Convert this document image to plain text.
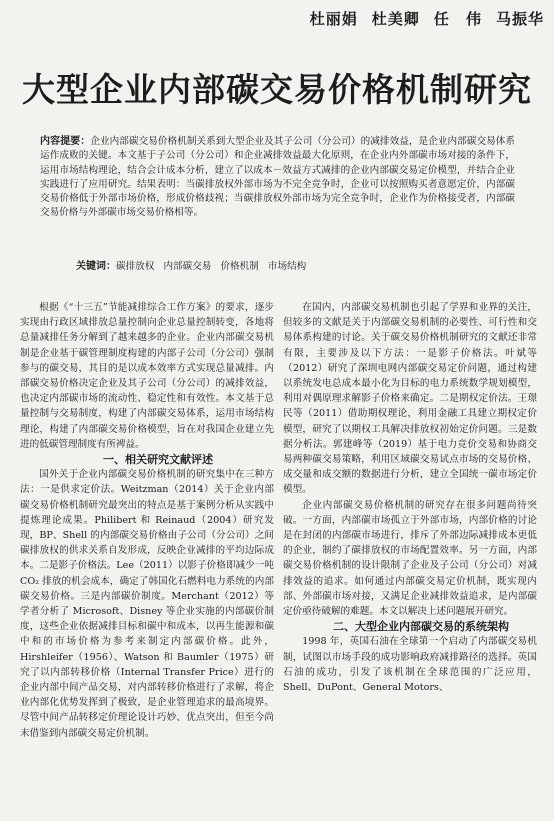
杜丽娟 杜美卿 任 伟 马振华
大型企业内部碳交易价格机制研究
内容提要：企业内部碳交易价格机制关系到大型企业及其子公司（分公司）的减排效益，是企业内部碳交易体系运作成败的关键。本文基于子公司（分公司）和企业减排效益最大化原则，在企业内外部碳市场对接的条件下，运用市场结构理论，结合会计成本分析，建立了以成本－效益方式减排的企业内部碳交易定价模型，并结合企业实践进行了应用研究。结果表明：当碳排放权外部市场为不完全竞争时，企业可以按照购买者意愿定价，内部碳交易价格低于外部市场价格，形成价格歧视；当碳排放权外部市场为完全竞争时，企业作为价格接受者，内部碳交易价格与外部碳市场交易价格相等。
关键词：碳排放权 内部碳交易 价格机制 市场结构

根据《“十三五”节能减排综合工作方案》的要求，逐步实现由行政区域排放总量控制向企业总量控制转变，各地将总量减排任务分解到了越来越多的企业。企业内部碳交易机制是企业基于碳管理制度构建的内部子公司（分公司）强制参与的碳交易，其目的是以成本效率方式实现总量减排。内部碳交易价格决定企业及其子公司（分公司）的减排效益，也决定内部碳市场的流动性、稳定性和有效性。本文基于总量控制与交易制度，构建了内部碳交易体系，运用市场结构理论，构建了内部碳交易价格模型，旨在对我国企业建立先进的低碳管理制度有所裨益。

一、相关研究文献评述

国外关于企业内部碳交易价格机制的研究集中在三种方法：一是供求定价法。Weitzman（2014）关于企业内部碳交易价格机制研究最突出的特点是基于案例分析从实践中提炼理论成果。Philibert 和 Reinaud（2004）研究发现，BP、Shell 的内部碳交易价格由子公司（分公司）之间碳排放权的供求关系自发形成，反映企业减排的平均边际成本。二是影子价格法。Lee（2011）以影子价格即减少一吨 CO₂ 排放的机会成本，确定了韩国化石燃料电力系统的内部碳交易价格。三是内部碳价制度。Merchant（2012）等学者分析了 Microsoft、Disney 等企业实施的内部碳价制度，这些企业依据减排目标和碳中和成本，以再生能源和碳中和的市场价格为参考来制定内部碳价格。此外，Hirshleifer（1956）、Watson 和 Baumler（1975）研究了以内部转移价格（Internal Transfer Price）进行的企业内部中间产品交易，对内部转移价格进行了求解，将企业内部化优势发挥到了极致，是企业管理追求的最高境界。尽管中间产品转移定价理论设计巧妙、优点突出，但至今尚未借鉴到内部碳交易定价机制。

在国内，内部碳交易机制也引起了学界和业界的关注，但较多的文献是关于内部碳交易机制的必要性、可行性和交易体系构建的讨论。关于碳交易价格机制研究的文献还非常有限，主要涉及以下方法：一是影子价格法。叶斌等（2012）研究了深圳电网内部碳交易定价问题，通过构建以系统发电总成本最小化为目标的电力系统数学规划模型，利用对偶原理求解影子价格来确定。二是期权定价法。王璟民等（2011）借助期权理论，利用金融工具建立期权定价模型，研究了以期权工具解决排放权初始定价问题。三是数据分析法。郭建峰等（2019）基于电力竞价交易和协商交易两种碳交易策略，利用区域碳交易试点市场的交易价格、成交量和成交额的数据进行分析，建立全国统一碳市场定价模型。

企业内部碳交易价格机制的研究存在很多问题尚待突破。一方面，内部碳市场孤立于外部市场，内部价格的讨论是在封闭的内部碳市场进行，排斥了外部边际减排成本更低的企业，制约了碳排放权的市场配置效率。另一方面，内部碳交易价格机制的设计限制了企业及子公司（分公司）对减排效益的追求。如何通过内部碳交易定价机制，既实现内部、外部碳市场对接，又满足企业减排效益追求，是内部碳定价亟待破解的难题。本文以解决上述问题展开研究。

二、大型企业内部碳交易的系统架构

1998 年，英国石油在全球第一个启动了内部碳交易机制，试图以市场手段的成功影响政府减排路径的选择。英国石油的成功，引发了该机制在全球范围的广泛应用，Shell、DuPont、General Motors、
